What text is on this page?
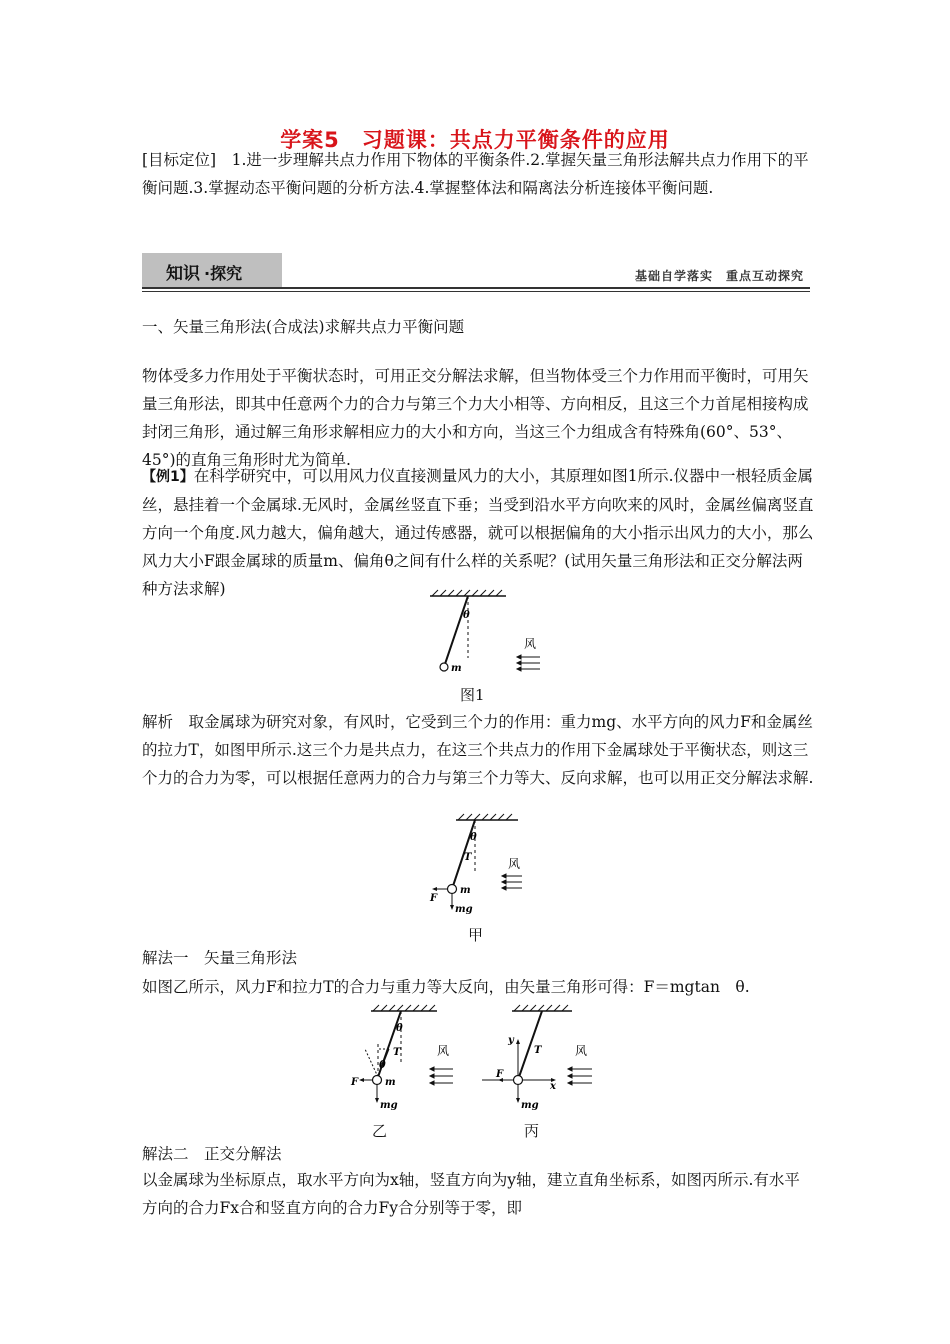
学案5　习题课：共点力平衡条件的应用

[目标定位]　1.进一步理解共点力作用下物体的平衡条件.2.掌握矢量三角形法解共点力作用下的平衡问题.3.掌握动态平衡问题的分析方法.4.掌握整体法和隔离法分析连接体平衡问题.

知识 ·探究	基础自学落实　重点互动探究
一、矢量三角形法(合成法)求解共点力平衡问题

物体受多力作用处于平衡状态时，可用正交分解法求解，但当物体受三个力作用而平衡时，可用矢量三角形法，即其中任意两个力的合力与第三个力大小相等、方向相反，且这三个力首尾相接构成封闭三角形，通过解三角形求解相应力的大小和方向，当这三个力组成含有特殊角(60°、53°、45°)的直角三角形时尤为简单.

【例1】在科学研究中，可以用风力仪直接测量风力的大小，其原理如图1所示.仪器中一根轻质金属丝，悬挂着一个金属球.无风时，金属丝竖直下垂；当受到沿水平方向吹来的风时，金属丝偏离竖直方向一个角度.风力越大，偏角越大，通过传感器，就可以根据偏角的大小指示出风力的大小，那么风力大小F跟金属球的质量m、偏角θ之间有什么样的关系呢？(试用矢量三角形法和正交分解法两种方法求解)

θ
m
风
图1

解析　取金属球为研究对象，有风时，它受到三个力的作用：重力mg、水平方向的风力F和金属丝的拉力T，如图甲所示.这三个力是共点力，在这三个共点力的作用下金属球处于平衡状态，则这三个力的合力为零，可以根据任意两力的合力与第三个力等大、反向求解，也可以用正交分解法求解.

θ
T
m
F
mg
风
甲
解法一　矢量三角形法

如图乙所示，风力F和拉力T的合力与重力等大反向，由矢量三角形可得：F＝mgtan　θ.

θ
θ
T
m
F
mg
风
乙
y
T
F
x
mg
风
丙
解法二　正交分解法

以金属球为坐标原点，取水平方向为x轴，竖直方向为y轴，建立直角坐标系，如图丙所示.有水平方向的合力Fx合和竖直方向的合力Fy合分别等于零，即
